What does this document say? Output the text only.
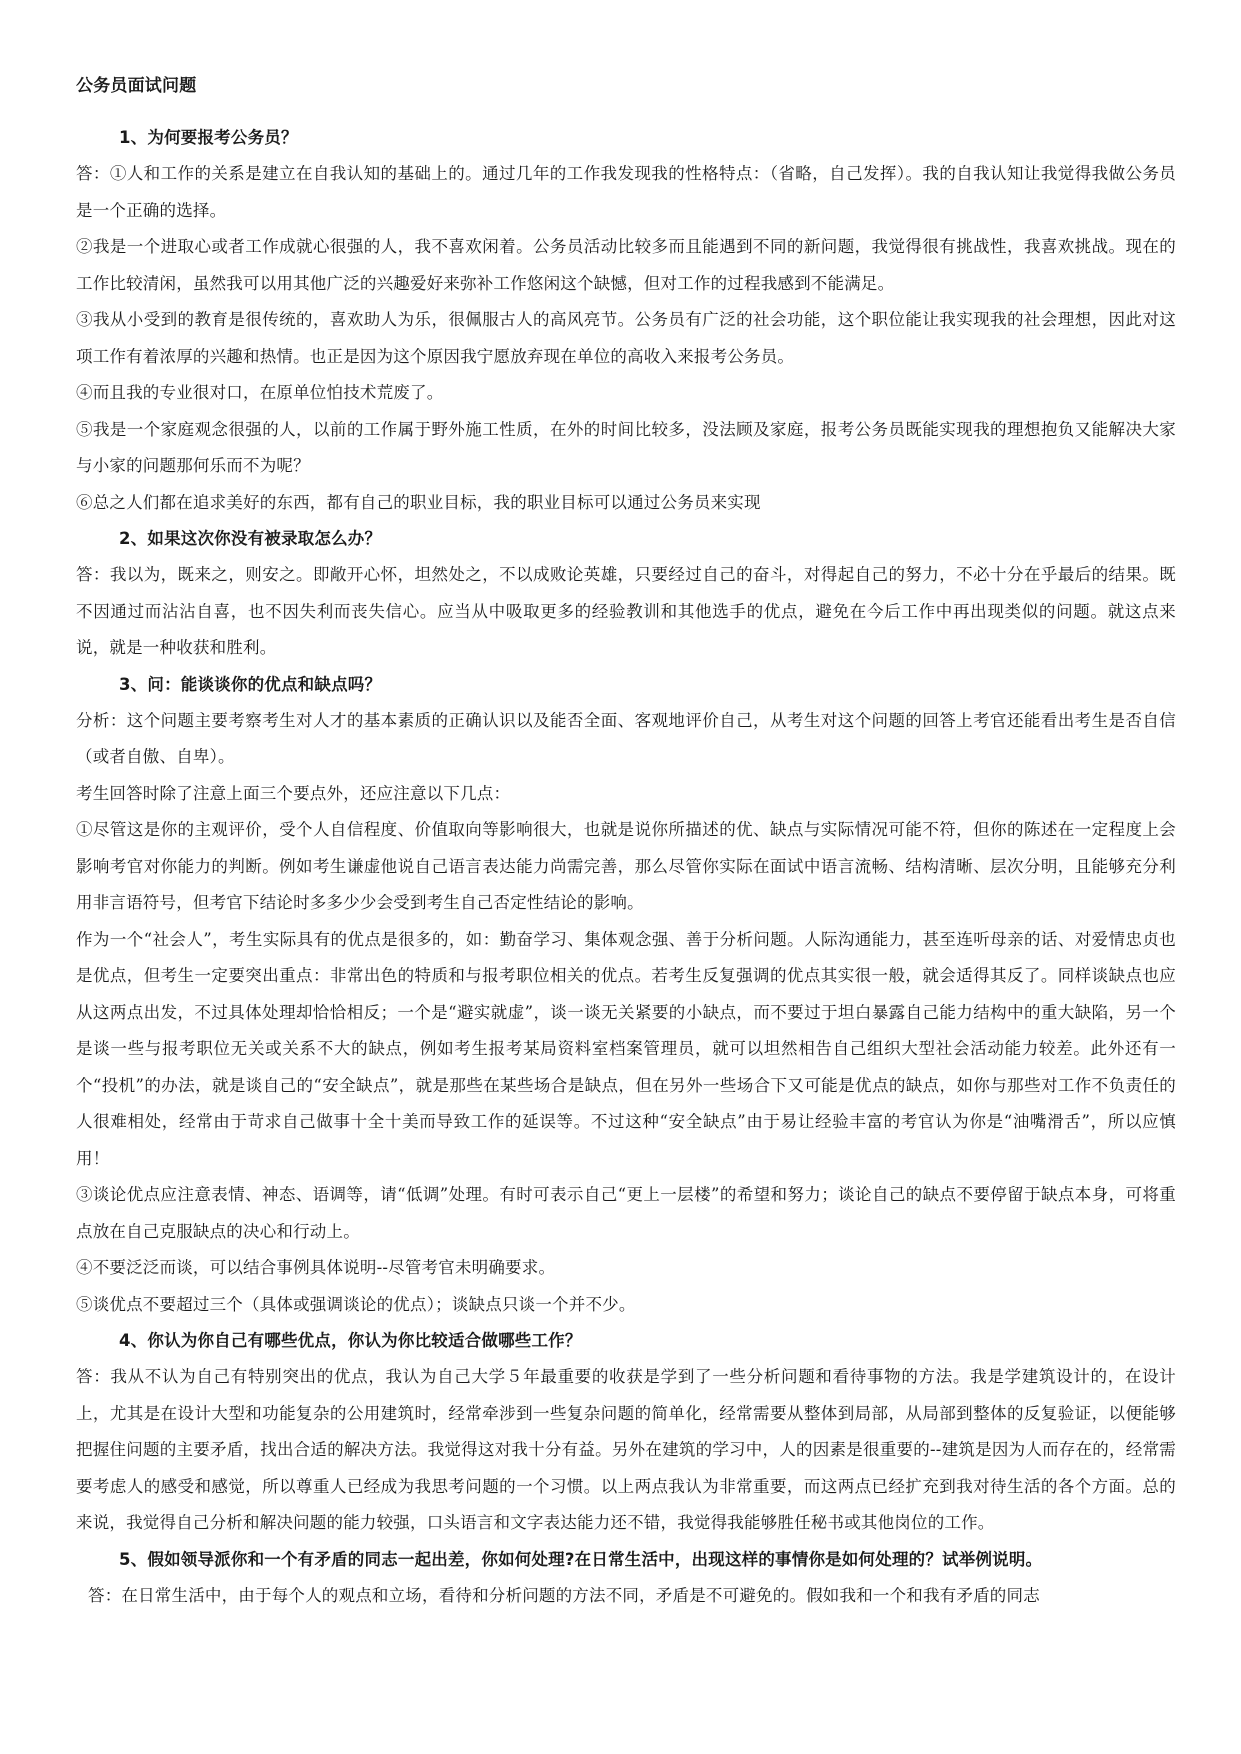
公务员面试问题
1、为何要报考公务员？
答：①人和工作的关系是建立在自我认知的基础上的。通过几年的工作我发现我的性格特点：（省略，自己发挥）。我的自我认知让我觉得我做公务员是一个正确的选择。
②我是一个进取心或者工作成就心很强的人，我不喜欢闲着。公务员活动比较多而且能遇到不同的新问题，我觉得很有挑战性，我喜欢挑战。现在的工作比较清闲，虽然我可以用其他广泛的兴趣爱好来弥补工作悠闲这个缺憾，但对工作的过程我感到不能满足。
③我从小受到的教育是很传统的，喜欢助人为乐，很佩服古人的高风亮节。公务员有广泛的社会功能，这个职位能让我实现我的社会理想，因此对这项工作有着浓厚的兴趣和热情。也正是因为这个原因我宁愿放弃现在单位的高收入来报考公务员。
④而且我的专业很对口，在原单位怕技术荒废了。
⑤我是一个家庭观念很强的人，以前的工作属于野外施工性质，在外的时间比较多，没法顾及家庭，报考公务员既能实现我的理想抱负又能解决大家与小家的问题那何乐而不为呢？
⑥总之人们都在追求美好的东西，都有自己的职业目标，我的职业目标可以通过公务员来实现
2、如果这次你没有被录取怎么办？
答：我以为，既来之，则安之。即敞开心怀，坦然处之，不以成败论英雄，只要经过自己的奋斗，对得起自己的努力，不必十分在乎最后的结果。既不因通过而沾沾自喜，也不因失利而丧失信心。应当从中吸取更多的经验教训和其他选手的优点，避免在今后工作中再出现类似的问题。就这点来说，就是一种收获和胜利。
3、问：能谈谈你的优点和缺点吗？
分析：这个问题主要考察考生对人才的基本素质的正确认识以及能否全面、客观地评价自己，从考生对这个问题的回答上考官还能看出考生是否自信（或者自傲、自卑）。
考生回答时除了注意上面三个要点外，还应注意以下几点：
①尽管这是你的主观评价，受个人自信程度、价值取向等影响很大，也就是说你所描述的优、缺点与实际情况可能不符，但你的陈述在一定程度上会影响考官对你能力的判断。例如考生谦虚他说自己语言表达能力尚需完善，那么尽管你实际在面试中语言流畅、结构清晰、层次分明，且能够充分利用非言语符号，但考官下结论时多多少少会受到考生自己否定性结论的影响。
作为一个“社会人”，考生实际具有的优点是很多的，如：勤奋学习、集体观念强、善于分析问题。人际沟通能力，甚至连听母亲的话、对爱情忠贞也是优点，但考生一定要突出重点：非常出色的特质和与报考职位相关的优点。若考生反复强调的优点其实很一般，就会适得其反了。同样谈缺点也应从这两点出发，不过具体处理却恰恰相反；一个是“避实就虚”，谈一谈无关紧要的小缺点，而不要过于坦白暴露自己能力结构中的重大缺陷，另一个是谈一些与报考职位无关或关系不大的缺点，例如考生报考某局资料室档案管理员，就可以坦然相告自己组织大型社会活动能力较差。此外还有一个“投机”的办法，就是谈自己的“安全缺点”，就是那些在某些场合是缺点，但在另外一些场合下又可能是优点的缺点，如你与那些对工作不负责任的人很难相处，经常由于苛求自己做事十全十美而导致工作的延误等。不过这种“安全缺点”由于易让经验丰富的考官认为你是“油嘴滑舌”，所以应慎用！
③谈论优点应注意表情、神态、语调等，请“低调”处理。有时可表示自己“更上一层楼”的希望和努力；谈论自己的缺点不要停留于缺点本身，可将重点放在自己克服缺点的决心和行动上。
④不要泛泛而谈，可以结合事例具体说明--尽管考官未明确要求。
⑤谈优点不要超过三个（具体或强调谈论的优点）；谈缺点只谈一个并不少。
4、你认为你自己有哪些优点，你认为你比较适合做哪些工作？
答：我从不认为自己有特别突出的优点，我认为自己大学５年最重要的收获是学到了一些分析问题和看待事物的方法。我是学建筑设计的，在设计上，尤其是在设计大型和功能复杂的公用建筑时，经常牵涉到一些复杂问题的简单化，经常需要从整体到局部，从局部到整体的反复验证，以便能够把握住问题的主要矛盾，找出合适的解决方法。我觉得这对我十分有益。另外在建筑的学习中，人的因素是很重要的--建筑是因为人而存在的，经常需要考虑人的感受和感觉，所以尊重人已经成为我思考问题的一个习惯。以上两点我认为非常重要，而这两点已经扩充到我对待生活的各个方面。总的来说，我觉得自己分析和解决问题的能力较强，口头语言和文字表达能力还不错，我觉得我能够胜任秘书或其他岗位的工作。
5、假如领导派你和一个有矛盾的同志一起出差，你如何处理?在日常生活中，出现这样的事情你是如何处理的？试举例说明。
答：在日常生活中，由于每个人的观点和立场，看待和分析问题的方法不同，矛盾是不可避免的。假如我和一个和我有矛盾的同志
